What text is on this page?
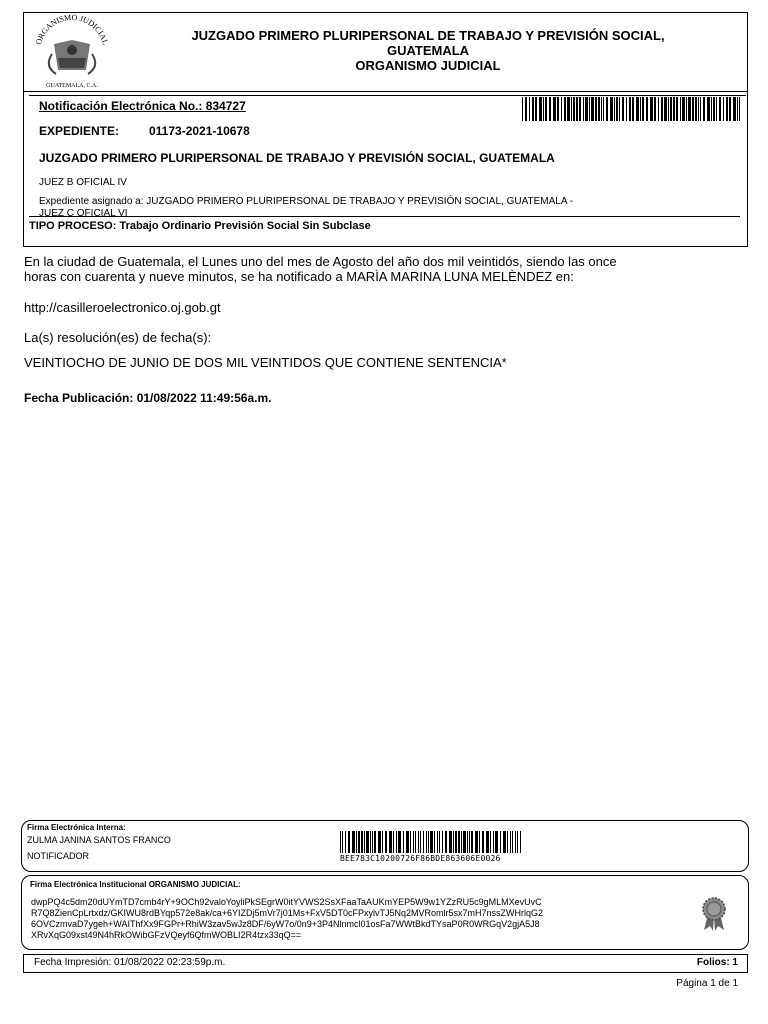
ORGANISMO JUDICIAL
GUATEMALA, C.A.
JUZGADO PRIMERO PLURIPERSONAL DE TRABAJO Y PREVISIÓN SOCIAL,
GUATEMALA
ORGANISMO JUDICIAL
Notificación Electrónica No.: 834727
EXPEDIENTE: 01173-2021-10678
JUZGADO PRIMERO PLURIPERSONAL DE TRABAJO Y PREVISIÓN SOCIAL, GUATEMALA
JUEZ B OFICIAL IV
Expediente asignado a: JUZGADO PRIMERO PLURIPERSONAL DE TRABAJO Y PREVISIÓN SOCIAL, GUATEMALA -
JUEZ C OFICIAL VI
TIPO PROCESO: Trabajo Ordinario Previsión Social Sin Subclase
En la ciudad de Guatemala, el Lunes uno del mes de Agosto del año dos mil veintidós, siendo las once
horas con cuarenta y nueve minutos, se ha notificado a MARÌA MARINA LUNA MELÈNDEZ en:
http://casilleroelectronico.oj.gob.gt
La(s) resolución(es) de fecha(s):
VEINTIOCHO DE JUNIO DE DOS MIL VEINTIDOS QUE CONTIENE SENTENCIA*
Fecha Publicación: 01/08/2022 11:49:56a.m.
Firma Electrónica Interna:
ZULMA JANINA SANTOS FRANCO
NOTIFICADOR	BEE783C10200726F86BDE863606E0026
Firma Electrónica Institucional ORGANISMO JUDICIAL:
dwpPQ4c5dm20dUYmTD7cmb4rY+9OCh92valoYoyliPkSEgrW0itYVWS2SsXFaaTaAUKmYEP5W9w1YZzRU5c9gMLMXevUvC
R7Q8ZienCpLrtxdz/GKIWU8rdBYqp572e8ak/ca+6YIZDj5mVr7j01Ms+FxV5DT0cFPxylvTJ5Nq2MVRomlr5sx7mH7nssZWHrlqG2
6OVCzmvaD7ygeh+WAIThfXx9FGPr+RhiW3zav5wJz8DF/6yW7o/0n9+3P4Nlnmcl01osFa7WWtBkdTYsaP0R0WRGqV2gjA5J8
XRvXqG09xst49N4hRkOWibGFzVQeyf6QfmWOBLI2R4tzx33qQ==
Fecha Impresión: 01/08/2022 02:23:59p.m.	Folios: 1
Página 1 de 1
